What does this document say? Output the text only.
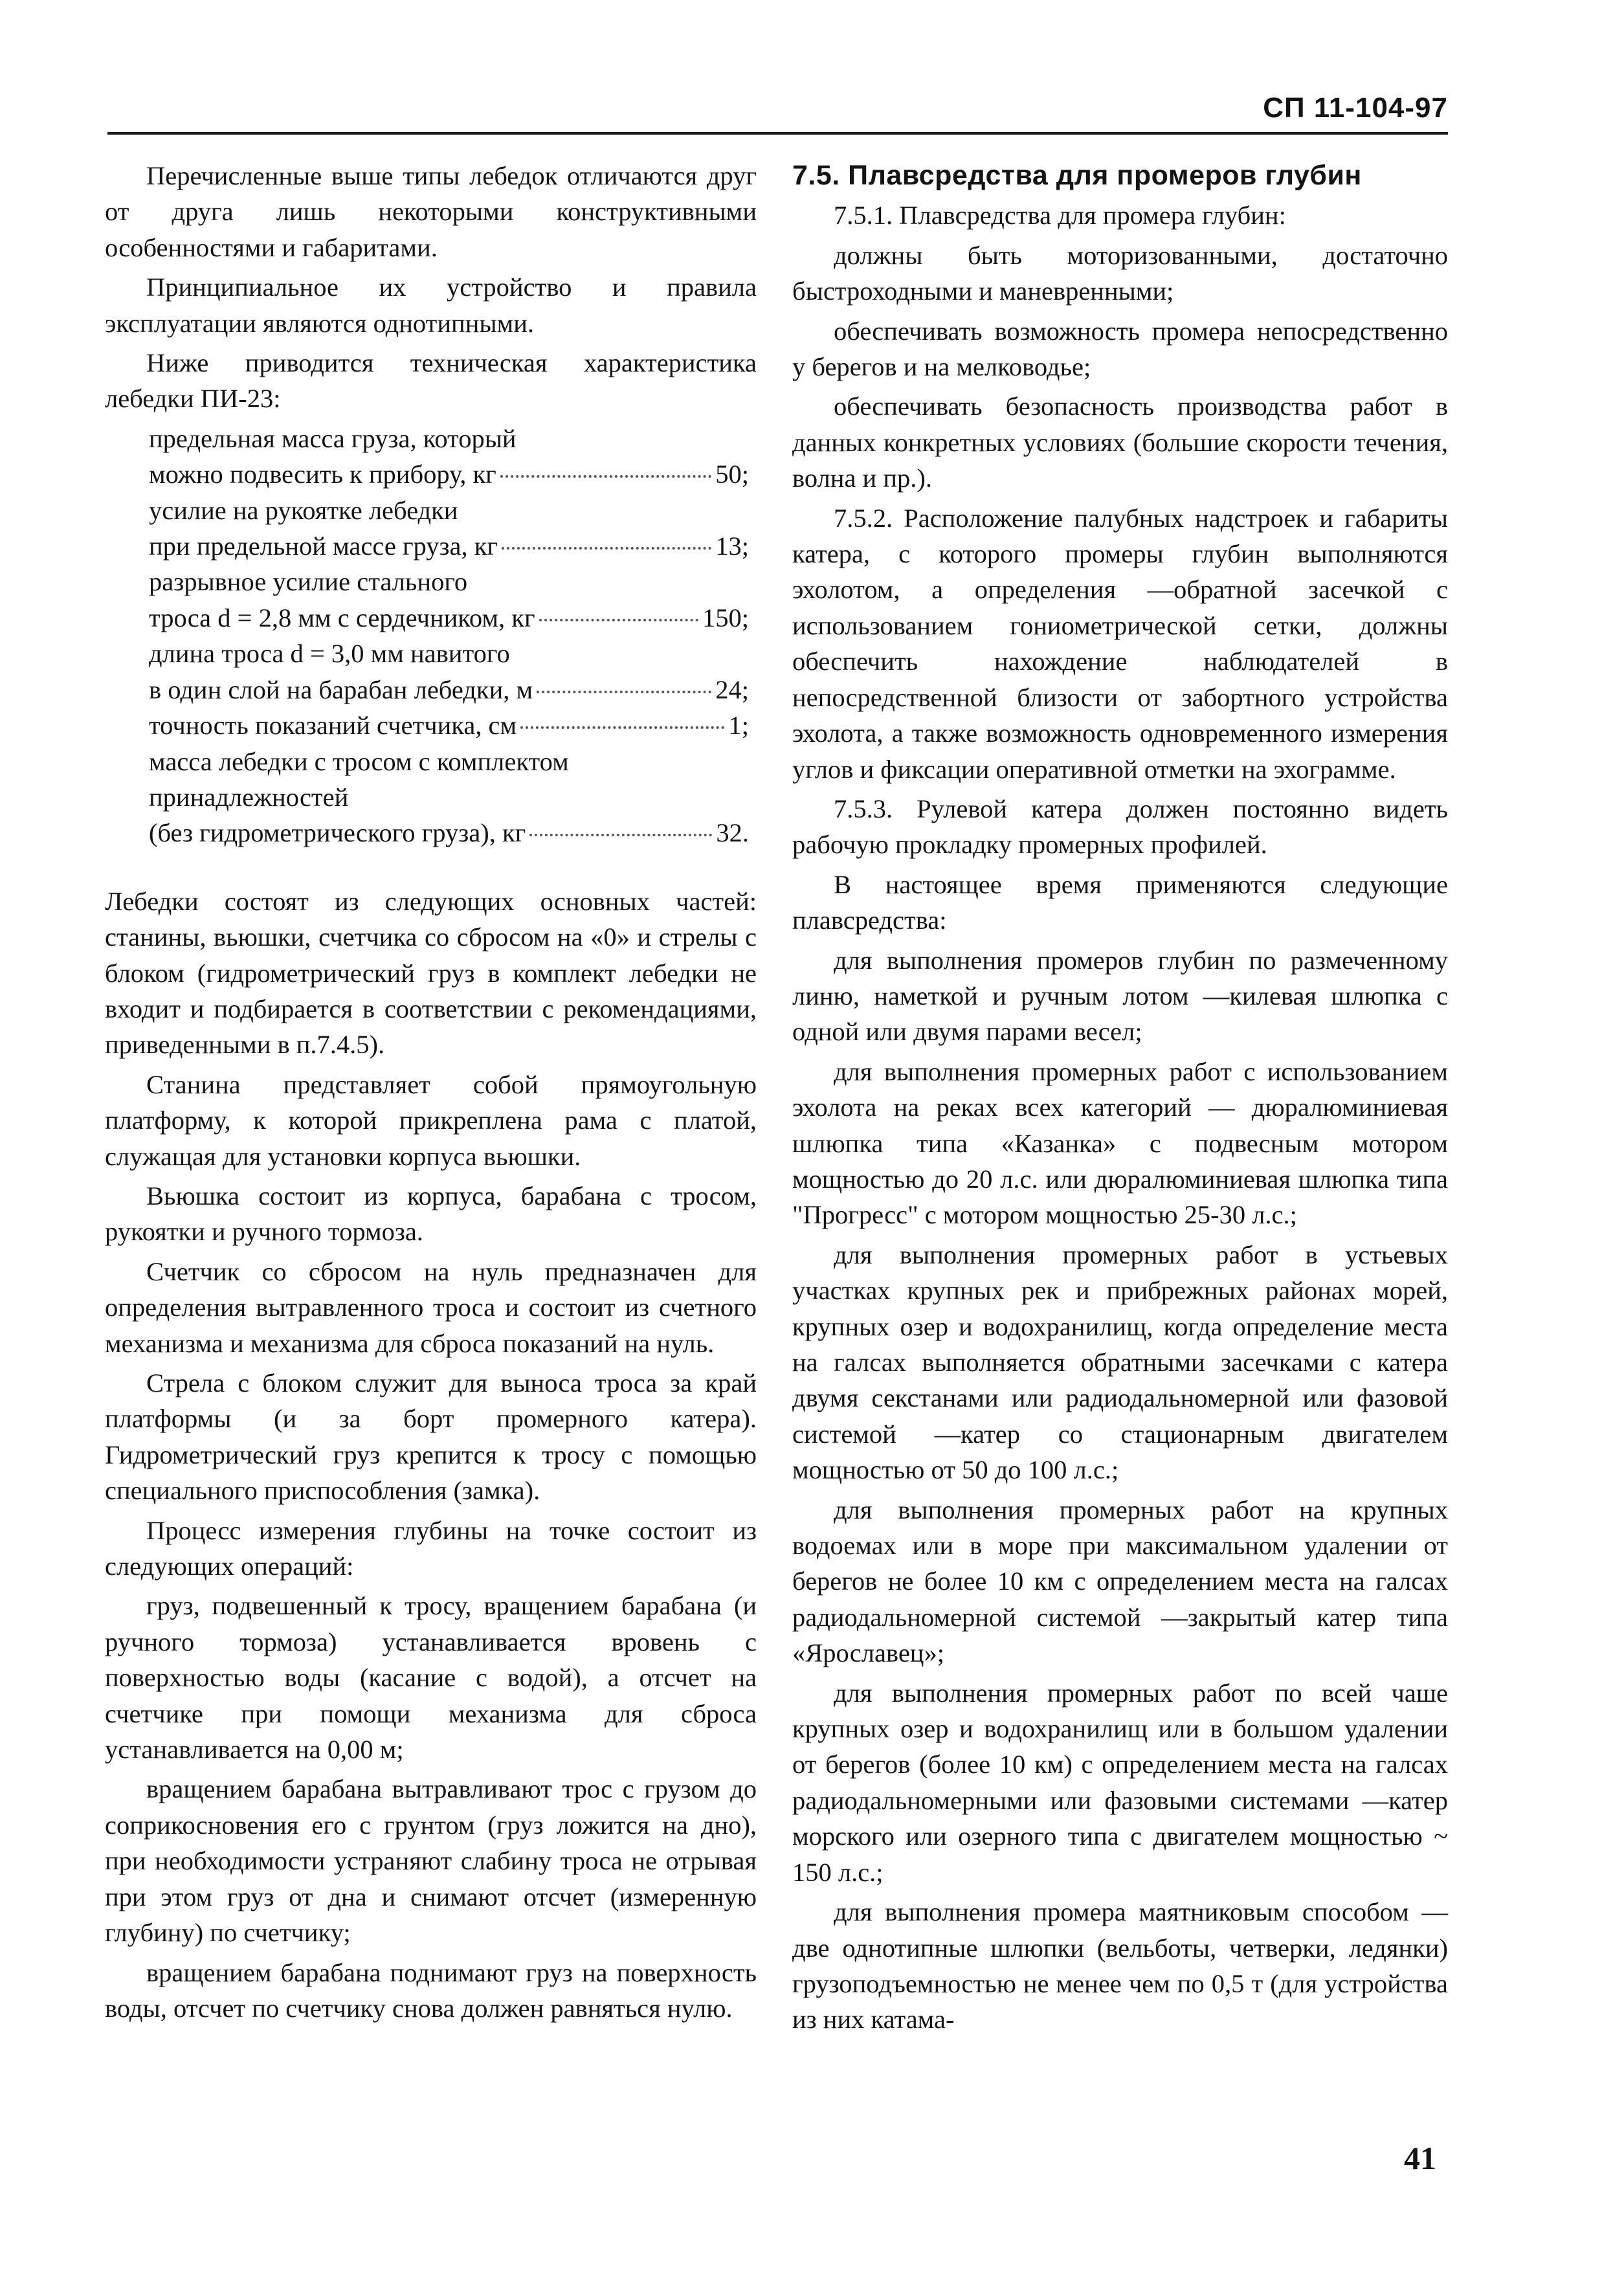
СП 11-104-97

Перечисленные выше типы лебедок отличаются друг от друга лишь некоторыми конструктивными особенностями и габаритами.

Принципиальное их устройство и правила эксплуатации являются однотипными.

Ниже приводится техническая характеристика лебедки ПИ-23:

предельная масса груза, который
можно подвесить к прибору, кг	50;
усилие на рукоятке лебедки
при предельной массе груза, кг	13;
разрывное усилие стального
троса d = 2,8 мм с сердечником, кг	150;
длина троса d = 3,0 мм навитого
в один слой на барабан лебедки, м	24;
точность показаний счетчика, см	1;
масса лебедки с тросом с комплектом
принадлежностей
(без гидрометрического груза), кг	32.

Лебедки состоят из следующих основных частей: станины, вьюшки, счетчика со сбросом на «0» и стрелы с блоком (гидрометрический груз в комплект лебедки не входит и подбирается в соответствии с рекомендациями, приведенными в п.7.4.5).

Станина представляет собой прямоугольную платформу, к которой прикреплена рама с платой, служащая для установки корпуса вьюшки.

Вьюшка состоит из корпуса, барабана с тросом, рукоятки и ручного тормоза.

Счетчик со сбросом на нуль предназначен для определения вытравленного троса и состоит из счетного механизма и механизма для сброса показаний на нуль.

Стрела с блоком служит для выноса троса за край платформы (и за борт промерного катера). Гидрометрический груз крепится к тросу с помощью специального приспособления (замка).

Процесс измерения глубины на точке состоит из следующих операций:

груз, подвешенный к тросу, вращением барабана (и ручного тормоза) устанавливается вровень с поверхностью воды (касание с водой), а отсчет на счетчике при помощи механизма для сброса устанавливается на 0,00 м;

вращением барабана вытравливают трос с грузом до соприкосновения его с грунтом (груз ложится на дно), при необходимости устраняют слабину троса не отрывая при этом груз от дна и снимают отсчет (измеренную глубину) по счетчику;

вращением барабана поднимают груз на поверхность воды, отсчет по счетчику снова должен равняться нулю.

7.5. Плавсредства для промеров глубин

7.5.1. Плавсредства для промера глубин:

должны быть моторизованными, достаточно быстроходными и маневренными;

обеспечивать возможность промера непосредственно у берегов и на мелководье;

обеспечивать безопасность производства работ в данных конкретных условиях (большие скорости течения, волна и пр.).

7.5.2. Расположение палубных надстроек и габариты катера, с которого промеры глубин выполняются эхолотом, а определения —обратной засечкой с использованием гониометрической сетки, должны обеспечить нахождение наблюдателей в непосредственной близости от забортного устройства эхолота, а также возможность одновременного измерения углов и фиксации оперативной отметки на эхограмме.

7.5.3. Рулевой катера должен постоянно видеть рабочую прокладку промерных профилей.

В настоящее время применяются следующие плавсредства:

для выполнения промеров глубин по размеченному линю, наметкой и ручным лотом —килевая шлюпка с одной или двумя парами весел;

для выполнения промерных работ с использованием эхолота на реках всех категорий — дюралюминиевая шлюпка типа «Казанка» с подвесным мотором мощностью до 20 л.с. или дюралюминиевая шлюпка типа "Прогресс" с мотором мощностью 25-30 л.с.;

для выполнения промерных работ в устьевых участках крупных рек и прибрежных районах морей, крупных озер и водохранилищ, когда определение места на галсах выполняется обратными засечками с катера двумя секстанами или радиодальномерной или фазовой системой —катер со стационарным двигателем мощностью от 50 до 100 л.с.;

для выполнения промерных работ на крупных водоемах или в море при максимальном удалении от берегов не более 10 км с определением места на галсах радиодальномерной системой —закрытый катер типа «Ярославец»;

для выполнения промерных работ по всей чаше крупных озер и водохранилищ или в большом удалении от берегов (более 10 км) с определением места на галсах радиодальномерными или фазовыми системами —катер морского или озерного типа с двигателем мощностью ~ 150 л.с.;

для выполнения промера маятниковым способом —две однотипные шлюпки (вельботы, четверки, ледянки) грузоподъемностью не менее чем по 0,5 т (для устройства из них катама-

41
